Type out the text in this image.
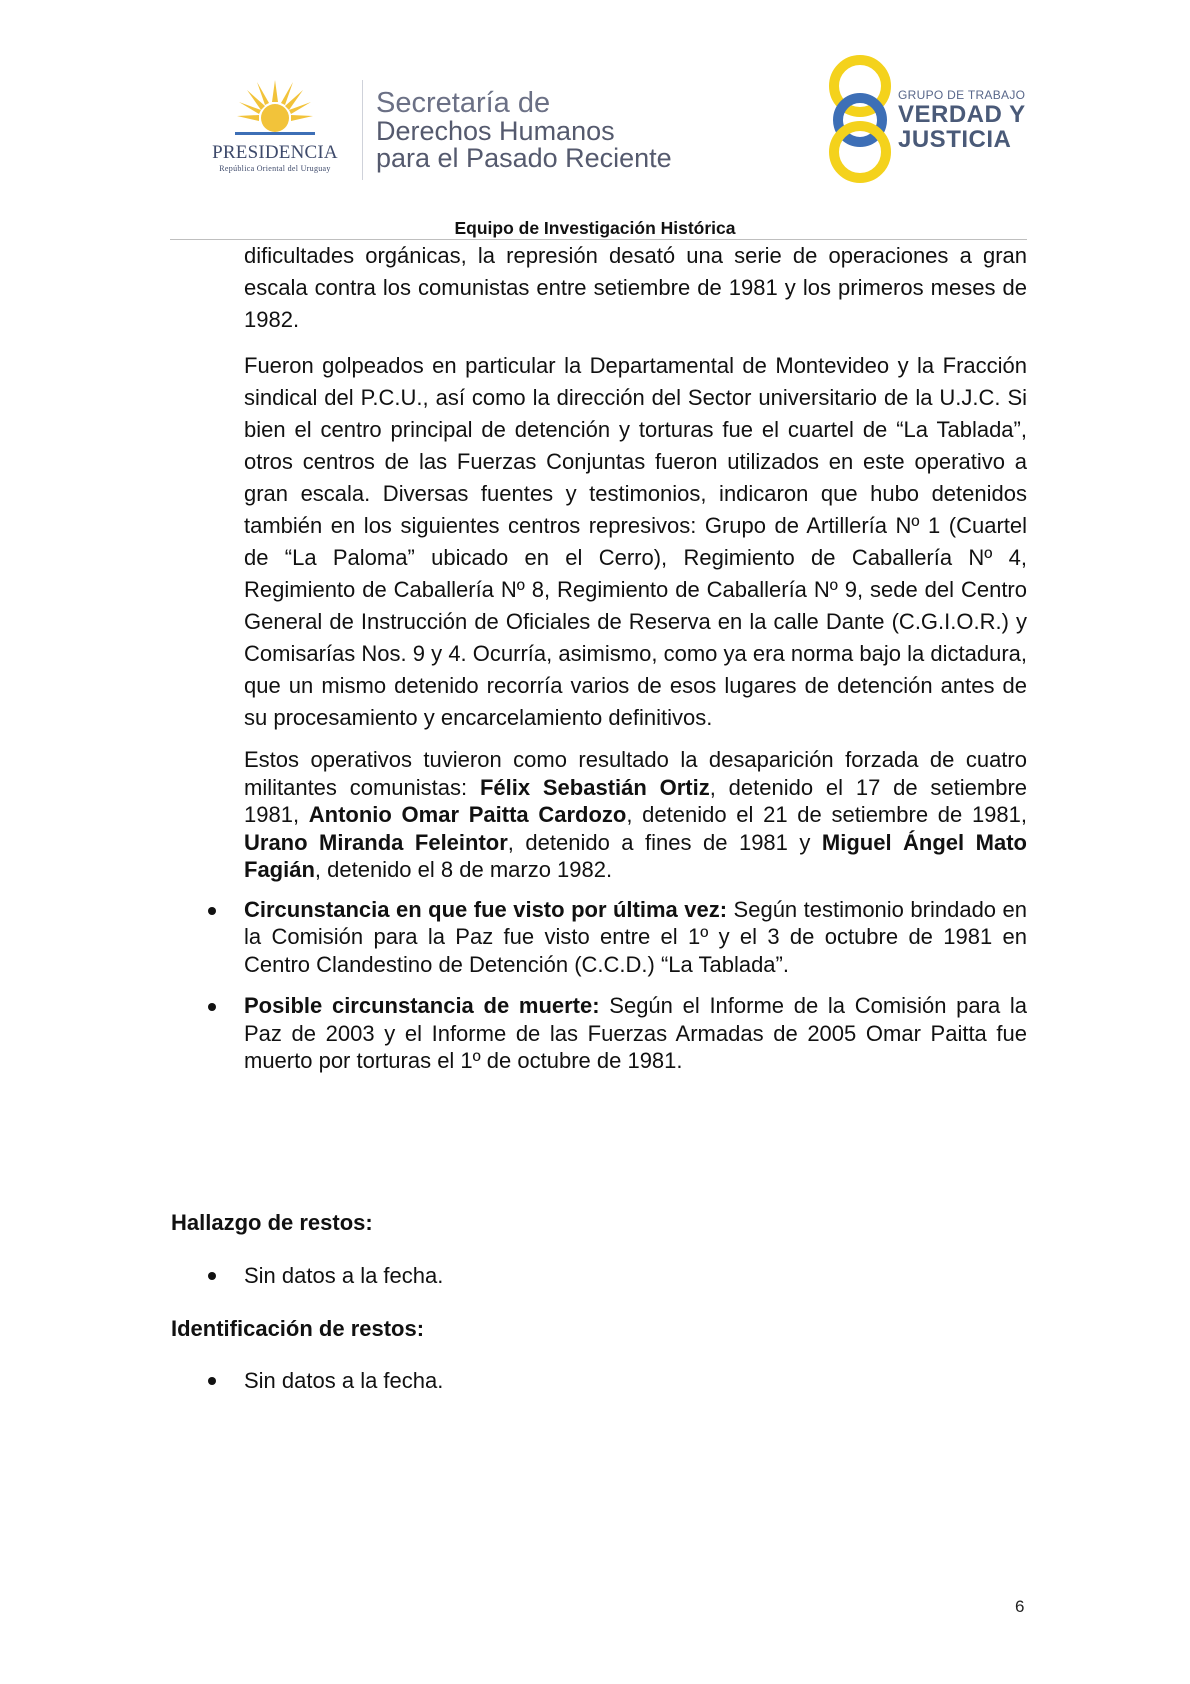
PRESIDENCIA
República Oriental del Uruguay
Secretaría de
Derechos Humanos
para el Pasado Reciente
GRUPO DE TRABAJO
VERDAD Y
JUSTICIA
Equipo de Investigación Histórica

dificultades orgánicas, la represión desató una serie de operaciones a gran escala contra los comunistas entre setiembre de 1981 y los primeros meses de 1982.

Fueron golpeados en particular la Departamental de Montevideo y la Fracción sindical del P.C.U., así como la dirección del Sector universitario de la U.J.C. Si bien el centro principal de detención y torturas fue el cuartel de “La Tablada”, otros centros de las Fuerzas Conjuntas fueron utilizados en este operativo a gran escala. Diversas fuentes y testimonios, indicaron que hubo detenidos también en los siguientes centros represivos: Grupo de Artillería Nº 1 (Cuartel de “La Paloma” ubicado en el Cerro), Regimiento de Caballería Nº 4, Regimiento de Caballería Nº 8, Regimiento de Caballería Nº 9, sede del Centro General de Instrucción de Oficiales de Reserva en la calle Dante (C.G.I.O.R.) y Comisarías Nos. 9 y 4. Ocurría, asimismo, como ya era norma bajo la dictadura, que un mismo detenido recorría varios de esos lugares de detención antes de su procesamiento y encarcelamiento definitivos.

Estos operativos tuvieron como resultado la desaparición forzada de cuatro militantes comunistas: Félix Sebastián Ortiz, detenido el 17 de setiembre 1981, Antonio Omar Paitta Cardozo, detenido el 21 de setiembre de 1981, Urano Miranda Feleintor, detenido a fines de 1981 y Miguel Ángel Mato Fagián, detenido el 8 de marzo 1982.

Circunstancia en que fue visto por última vez: Según testimonio brindado en la Comisión para la Paz fue visto entre el 1º y el 3 de octubre de 1981 en Centro Clandestino de Detención (C.C.D.) “La Tablada”.

Posible circunstancia de muerte: Según el Informe de la Comisión para la Paz de 2003 y el Informe de las Fuerzas Armadas de 2005 Omar Paitta fue muerto por torturas el 1º de octubre de 1981.

Hallazgo de restos:
Sin datos a la fecha.
Identificación de restos:
Sin datos a la fecha.
6
